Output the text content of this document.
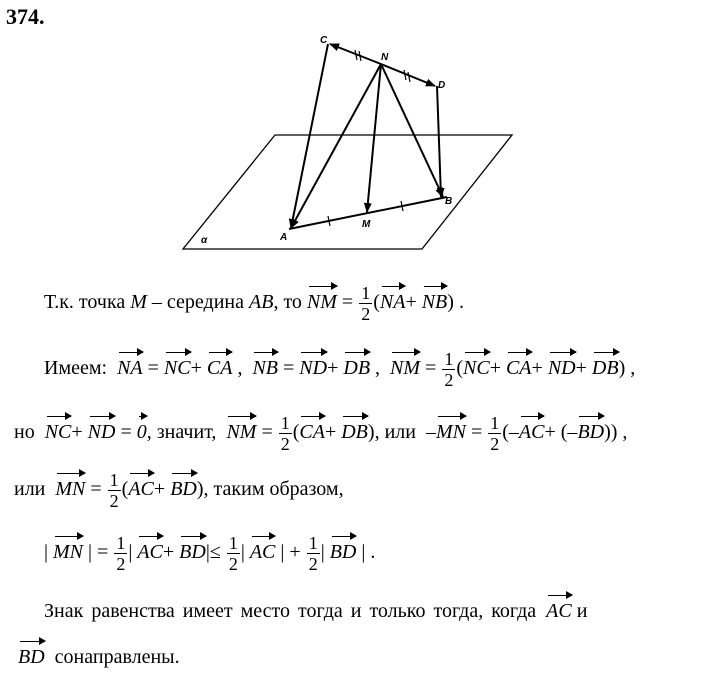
374.
C
N
D
A
M
B
α
Т.к. точка M – середина AB, то NM = $\frac{1}{2} (NA+ NB)$ .
Имеем: NA = NC+ CA ,  NB = ND+ DB ,  NM = $\frac{1}{2} (NC+ CA+ ND+ DB)$ ,
но NC+ ND = 0, значит, NM = $\frac{1}{2} (CA+ DB)$, или  $-MN = \frac{1}{2} (-AC+ (-BD))$ ,
или MN = $\frac{1}{2} (AC+ BD)$, таким образом,
| MN | = $\frac{1}{2}$ | $AC+ BD|\le \frac{1}{2}$ | AC | + $\frac{1}{2}$ | BD | .
Знак равенства имеет место тогда и только тогда, когда AC и
BD сонаправлены.
